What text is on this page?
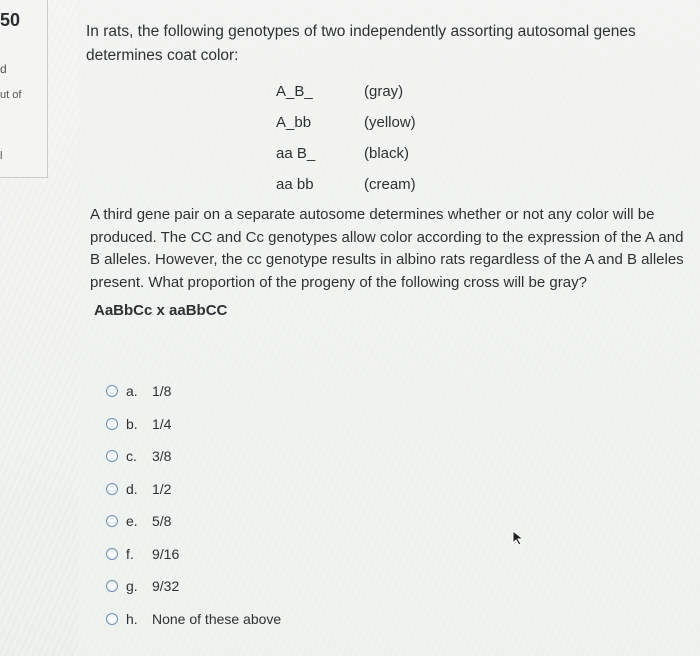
50
d
ut of
l
In rats, the following genotypes of two independently assorting autosomal genes determines coat color:
A_B_	(gray)
A_bb	(yellow)
aa B_	(black)
aa bb	(cream)
A third gene pair on a separate autosome determines whether or not any color will be produced. The CC and Cc genotypes allow color according to the expression of the A and B alleles. However, the cc genotype results in albino rats regardless of the A and B alleles present. What proportion of the progeny of the following cross will be gray?
AaBbCc x aaBbCC
a.	1/8
b.	1/4
c.	3/8
d.	1/2
e.	5/8
f.	9/16
g.	9/32
h.	None of these above
